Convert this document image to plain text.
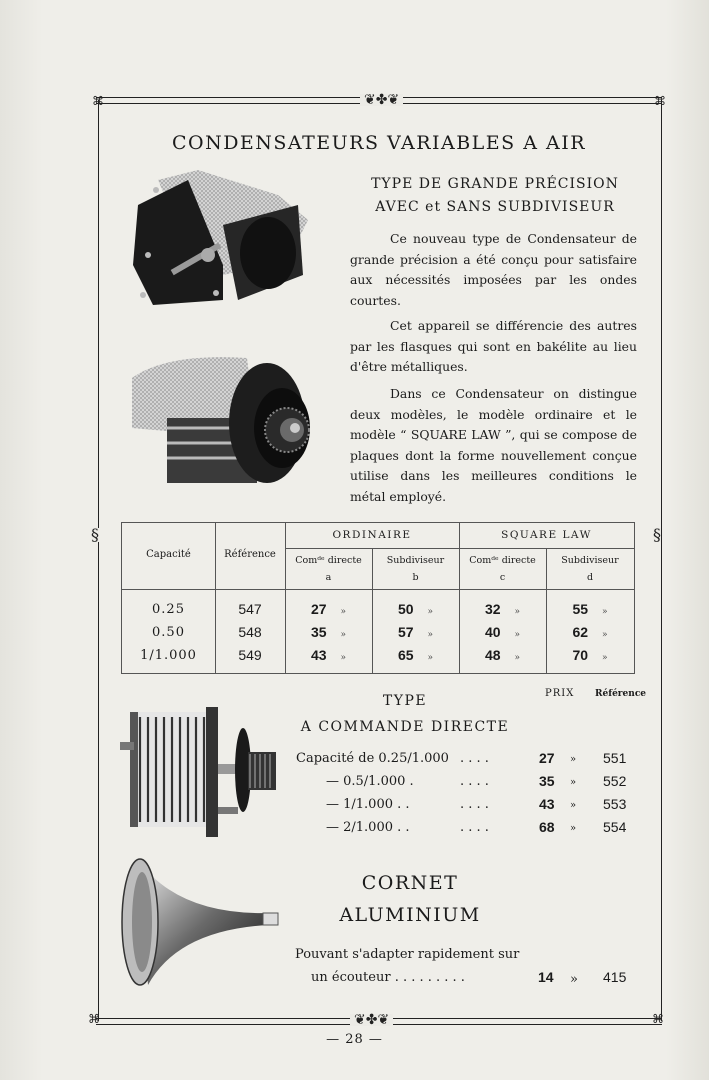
❦✤❦
❦✤❦
⌘	⌘
⌘	⌘
§	§
CONDENSATEURS VARIABLES A AIR
TYPE DE GRANDE PRÉCISION
AVEC et SANS SUBDIVISEUR
Ce nouveau type de Condensateur de grande précision a été conçu pour satisfaire aux nécessités imposées par les ondes courtes.
Cet appareil se différencie des autres par les flasques qui sont en bakélite au lieu d'être métalliques.
Dans ce Condensateur on distingue deux modèles, le modèle ordinaire et le modèle “ SQUARE LAW ”, qui se compose de plaques dont la forme nouvellement conçue utilise dans les meilleures conditions le métal employé.
Capacité	Référence
ORDINAIRE	SQUARE LAW
Comᵈᵉ directe	Subdiviseur	Comᵈᵉ directe	Subdiviseur
a	b	c	d
0.25	547	27 »	50 »	32 »	55 »
0.50	548	35 »	57 »	40 »	62 »
1/1.000	549	43 »	65 »	48 »	70 »
TYPE
A COMMANDE DIRECTE
PRIX Référence
Capacité de 0.25/1.000 . . . .	27 » 551
— 0.5/1.000 .	. . . .	35 » 552
— 1/1.000 . .	. . . .	43 » 553
— 2/1.000 . .	. . . .	68 » 554
CORNET
ALUMINIUM
Pouvant s'adapter rapidement sur
un écouteur . . . . . . . . .	14 » 415
— 28 —
